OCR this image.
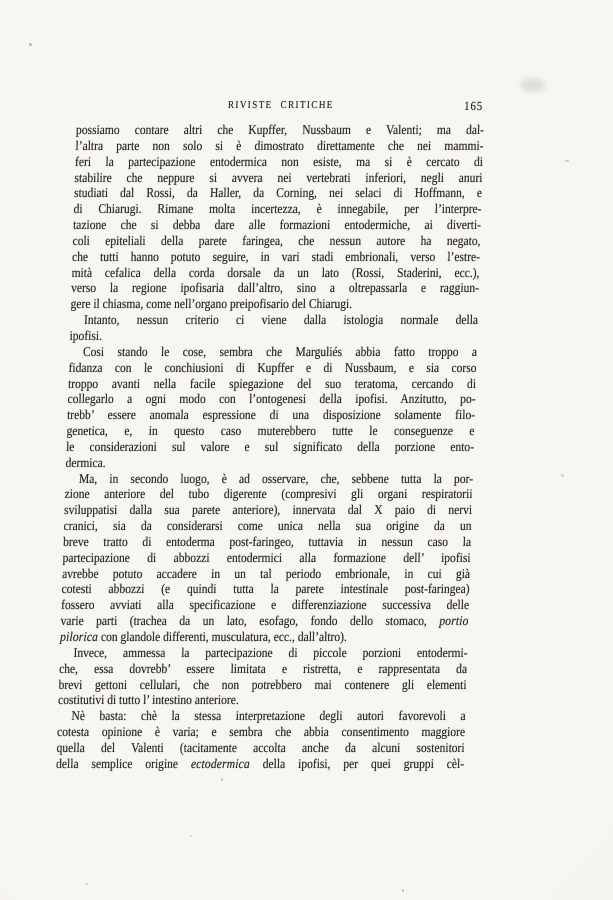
RIVISTE CRITICHE	165
possiamo contare altri che Kupffer, Nussbaum e Valenti; ma dal-
l’altra parte non solo si è dimostrato direttamente che nei mammi-
feri la partecipazione entodermica non esiste, ma si è cercato di
stabilire che neppure si avvera nei vertebrati inferiori, negli anuri
studiati dal Rossi, da Haller, da Corning, nei selaci di Hoffmann, e
di Chiarugi. Rimane molta incertezza, è innegabile, per l’interpre-
tazione che si debba dare alle formazioni entodermiche, ai diverti-
coli epiteliali della parete faringea, che nessun autore ha negato,
che tutti hanno potuto seguire, in vari stadi embrionali, verso l’estre-
mità cefalica della corda dorsale da un lato (Rossi, Staderini, ecc.),
verso la regione ipofisaria dall’altro, sino a oltrepassarla e raggiun-
gere il chiasma, come nell’organo preipofisario del Chiarugi.
Intanto, nessun criterio ci viene dalla istologia normale della
ipofisi.
Cosi stando le cose, sembra che Marguliés abbia fatto troppo a
fidanza con le conchiusioni di Kupffer e di Nussbaum, e sia corso
troppo avanti nella facile spiegazione del suo teratoma, cercando di
collegarlo a ogni modo con l’ontogenesi della ipofisi. Anzitutto, po-
trebb’ essere anomala espressione di una disposizione solamente filo-
genetica, e, in questo caso muterebbero tutte le conseguenze e
le considerazioni sul valore e sul significato della porzione ento-
dermica.
Ma, in secondo luogo, è ad osservare, che, sebbene tutta la por-
zione anteriore del tubo digerente (compresivi gli organi respiratorii
sviluppatisi dalla sua parete anteriore), innervata dal X paio di nervi
cranici, sia da considerarsi come unica nella sua origine da un
breve tratto di entoderma post-faringeo, tuttavia in nessun caso la
partecipazione di abbozzi entodermici alla formazione dell’ ipofisi
avrebbe potuto accadere in un tal periodo embrionale, in cui già
cotesti abbozzi (e quindi tutta la parete intestinale post-faringea)
fossero avviati alla specificazione e differenziazione successiva delle
varie parti (trachea da un lato, esofago, fondo dello stomaco, portio
pilorica con glandole differenti, musculatura, ecc., dall’altro).
Invece, ammessa la partecipazione di piccole porzioni entodermi-
che, essa dovrebb’ essere limitata e ristretta, e rappresentata da
brevi gettoni cellulari, che non potrebbero mai contenere gli elementi
costitutivi di tutto l’ intestino anteriore.
Nè basta: chè la stessa interpretazione degli autori favorevoli a
cotesta opinione è varia; e sembra che abbia consentimento maggiore
quella del Valenti (tacitamente accolta anche da alcuni sostenitori
della semplice origine ectodermica della ipofisi, per quei gruppi cèl-
